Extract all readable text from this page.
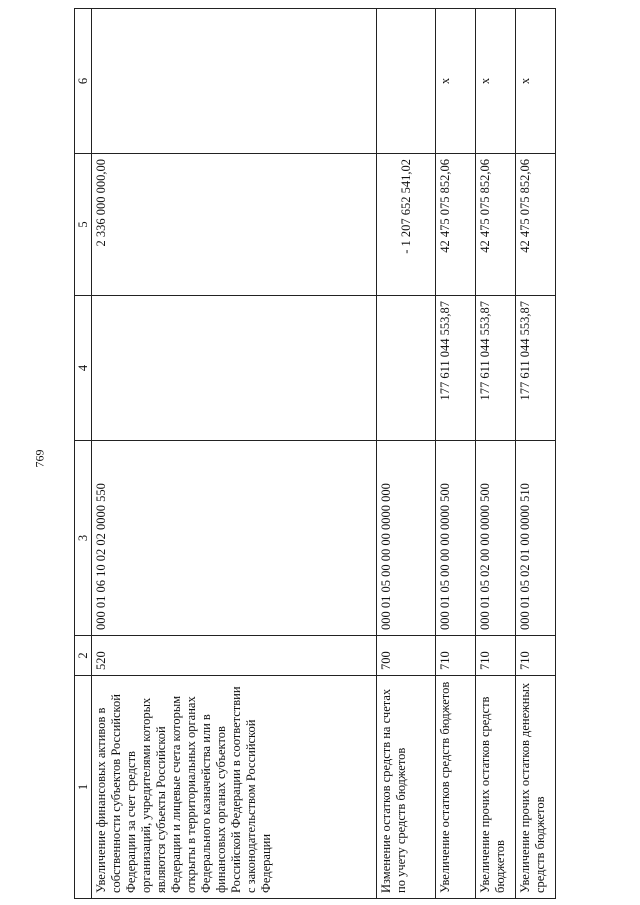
769
1	2	3	4	5	6
Увеличение финансовых активов в собственности субъектов Российской Федерации за счет средств организаций, учредителями которых являются субъекты Российской Федерации и лицевые счета которым открыты в территориальных органах Федерального казначейства или в финансовых органах субъектов Российской Федерации в соответствии с законодательством Российской Федерации	520	000 01 06 10 02 02 0000 550		2 336 000 000,00	
Изменение остатков средств на счетах по учету средств бюджетов	700	000 01 05 00 00 00 0000 000		- 1 207 652 541,02	
Увеличение остатков средств бюджетов	710	000 01 05 00 00 00 0000 500	177 611 044 553,87	42 475 075 852,06	x
Увеличение прочих остатков средств бюджетов	710	000 01 05 02 00 00 0000 500	177 611 044 553,87	42 475 075 852,06	x
Увеличение прочих остатков денежных средств бюджетов	710	000 01 05 02 01 00 0000 510	177 611 044 553,87	42 475 075 852,06	x
